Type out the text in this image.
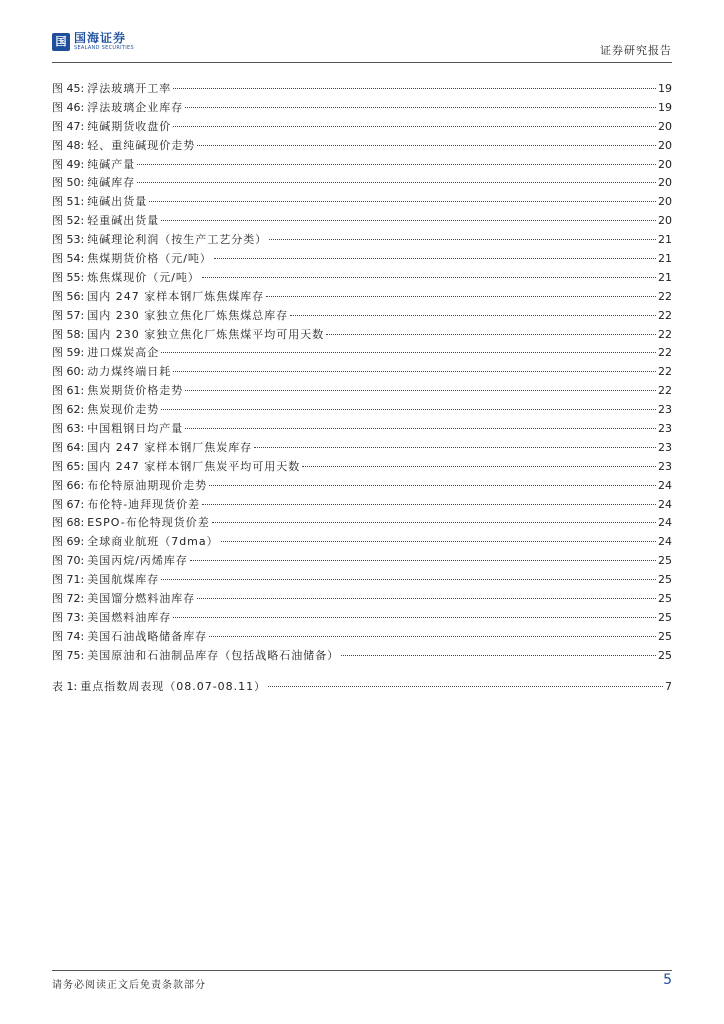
国 国海证券
SEALAND SECURITIES	证券研究报告
图 45: 浮法玻璃开工率	19
图 46: 浮法玻璃企业库存	19
图 47: 纯碱期货收盘价	20
图 48: 轻、重纯碱现价走势	20
图 49: 纯碱产量	20
图 50: 纯碱库存	20
图 51: 纯碱出货量	20
图 52: 轻重碱出货量	20
图 53: 纯碱理论利润（按生产工艺分类）	21
图 54: 焦煤期货价格（元/吨）	21
图 55: 炼焦煤现价（元/吨）	21
图 56: 国内 247 家样本钢厂炼焦煤库存	22
图 57: 国内 230 家独立焦化厂炼焦煤总库存	22
图 58: 国内 230 家独立焦化厂炼焦煤平均可用天数	22
图 59: 进口煤炭高企	22
图 60: 动力煤终端日耗	22
图 61: 焦炭期货价格走势	22
图 62: 焦炭现价走势	23
图 63: 中国粗钢日均产量	23
图 64: 国内 247 家样本钢厂焦炭库存	23
图 65: 国内 247 家样本钢厂焦炭平均可用天数	23
图 66: 布伦特原油期现价走势	24
图 67: 布伦特-迪拜现货价差	24
图 68: ESPO-布伦特现货价差	24
图 69: 全球商业航班（7dma）	24
图 70: 美国丙烷/丙烯库存	25
图 71: 美国航煤库存	25
图 72: 美国馏分燃料油库存	25
图 73: 美国燃料油库存	25
图 74: 美国石油战略储备库存	25
图 75: 美国原油和石油制品库存（包括战略石油储备）	25
表 1: 重点指数周表现（08.07-08.11）	7
请务必阅读正文后免责条款部分	5
